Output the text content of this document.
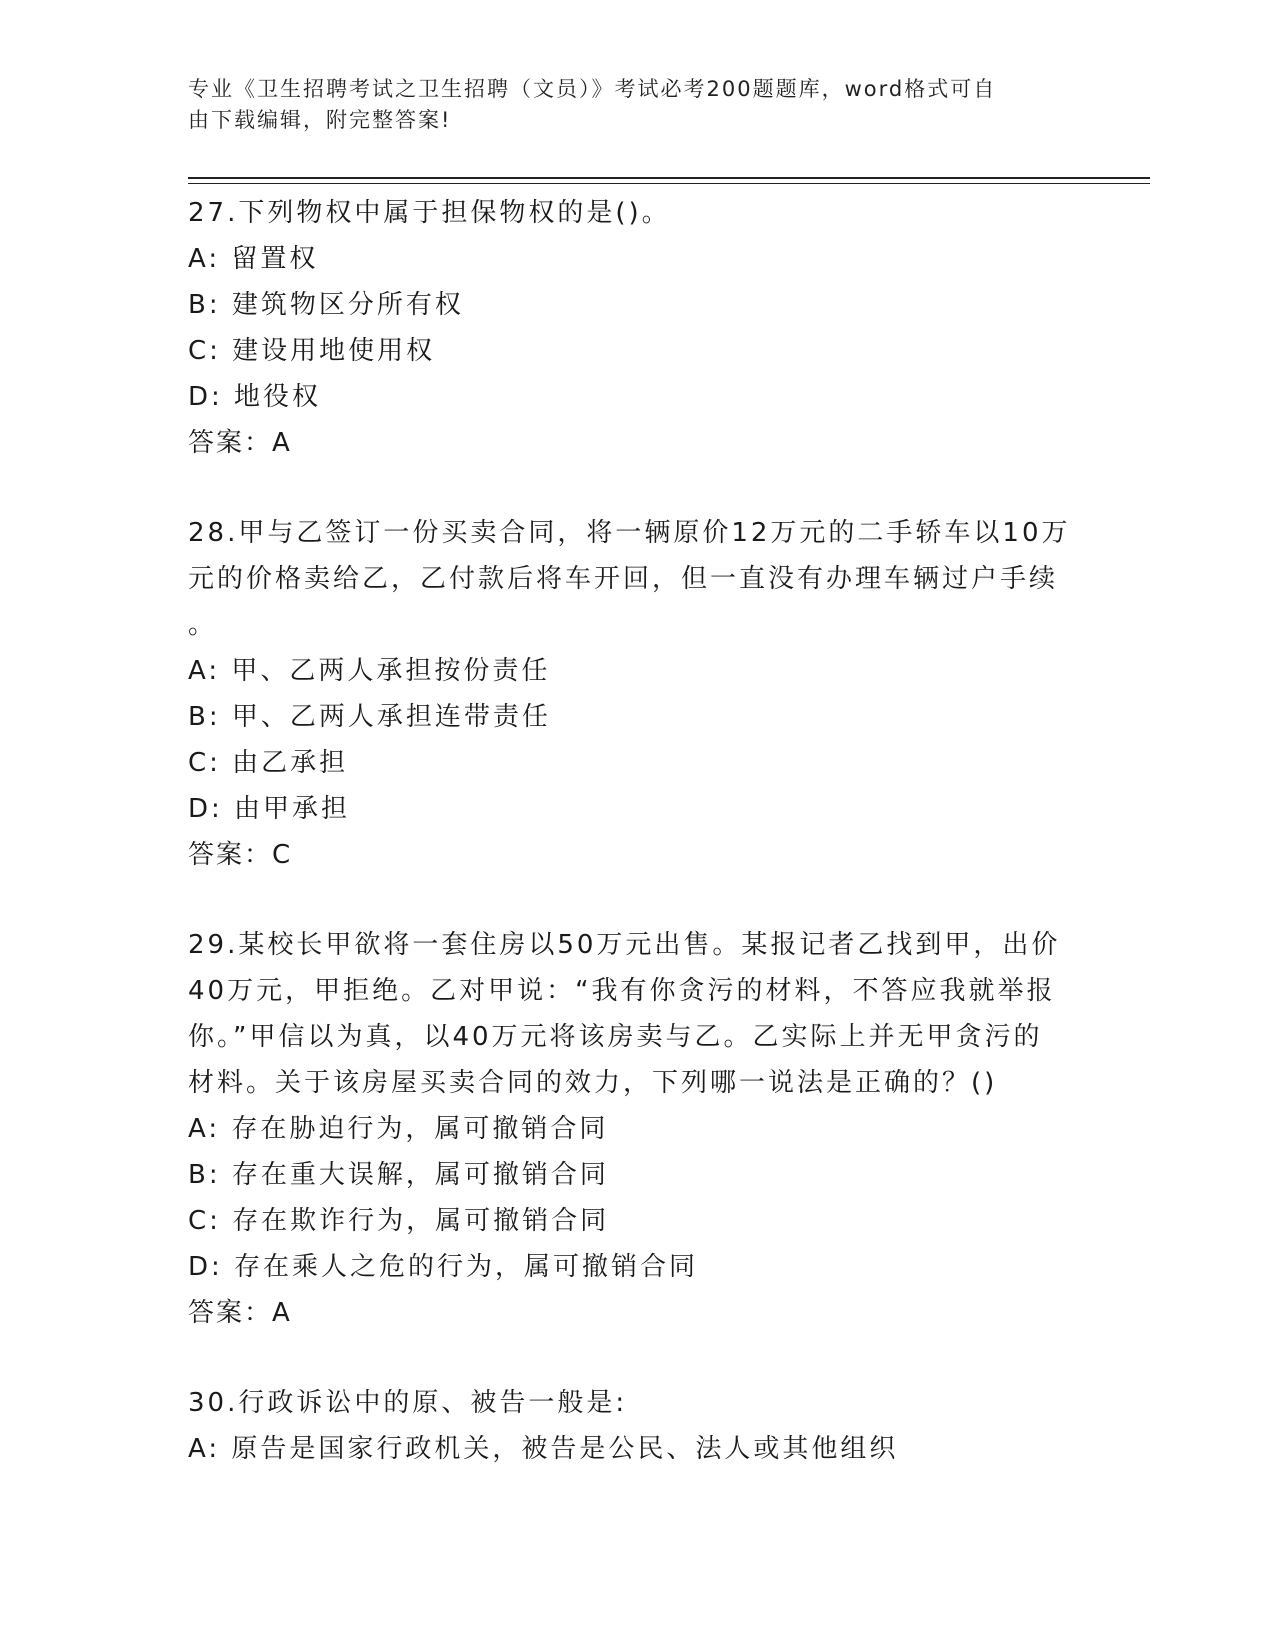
专业《卫生招聘考试之卫生招聘（文员）》考试必考200题题库，word格式可自
由下载编辑，附完整答案!
27.下列物权中属于担保物权的是()。
A: 留置权
B: 建筑物区分所有权
C: 建设用地使用权
D: 地役权
答案：A
28.甲与乙签订一份买卖合同，将一辆原价12万元的二手轿车以10万
元的价格卖给乙，乙付款后将车开回，但一直没有办理车辆过户手续
。
A: 甲、乙两人承担按份责任
B: 甲、乙两人承担连带责任
C: 由乙承担
D: 由甲承担
答案：C
29.某校长甲欲将一套住房以50万元出售。某报记者乙找到甲，出价
40万元，甲拒绝。乙对甲说：“我有你贪污的材料，不答应我就举报
你。”甲信以为真，以40万元将该房卖与乙。乙实际上并无甲贪污的
材料。关于该房屋买卖合同的效力，下列哪一说法是正确的？()
A: 存在胁迫行为，属可撤销合同
B: 存在重大误解，属可撤销合同
C: 存在欺诈行为，属可撤销合同
D: 存在乘人之危的行为，属可撤销合同
答案：A
30.行政诉讼中的原、被告一般是:
A: 原告是国家行政机关，被告是公民、法人或其他组织
